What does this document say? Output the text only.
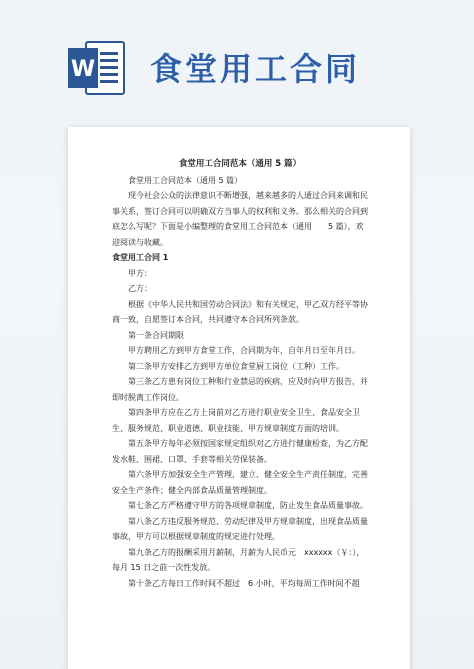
W 食堂用工合同
食堂用工合同范本（通用 5 篇）

食堂用工合同范本（通用 5 篇）

现今社会公众的法律意识不断增强，越来越多的人通过合同来调和民事关系，签订合同可以明确双方当事人的权利和义务。那么相关的合同到底怎么写呢？下面是小编整理的食堂用工合同范本（通用　　5 篇），欢迎阅读与收藏。

食堂用工合同 1

甲方：

乙方：

根据《中华人民共和国劳动合同法》和有关规定，甲乙双方经平等协商一致，自愿签订本合同，共同遵守本合同所列条款。

第一条合同期限

甲方聘用乙方到甲方食堂工作，合同期为年，自年月日至年月日。

第二条甲方安排乙方到甲方单位食堂厨工岗位（工种）工作。

第三条乙方患有岗位工种和行业禁忌的疾病，应及时向甲方报告，并即时脱离工作岗位。

第四条甲方应在乙方上岗前对乙方进行职业安全卫生、食品安全卫生、服务规范、职业道德、职业技能、甲方规章制度方面的培训。

第五条甲方每年必须按国家规定组织对乙方进行健康检查，为乙方配发水鞋、围裙、口罩、手套等相关劳保装备。

第六条甲方加强安全生产管理，建立、健全安全生产责任制度，完善安全生产条件；健全内部食品质量管理制度。

第七条乙方严格遵守甲方的各项规章制度，防止发生食品质量事故。

第八条乙方违反服务规范、劳动纪律及甲方规章制度，出现食品质量事故，甲方可以根据规章制度的规定进行处理。

第九条乙方的报酬采用月薪制，月薪为人民币元　xxxxxx（￥：），每月 15 日之前一次性发放。

第十条乙方每日工作时间不超过　6 小时，平均每周工作时间不超
